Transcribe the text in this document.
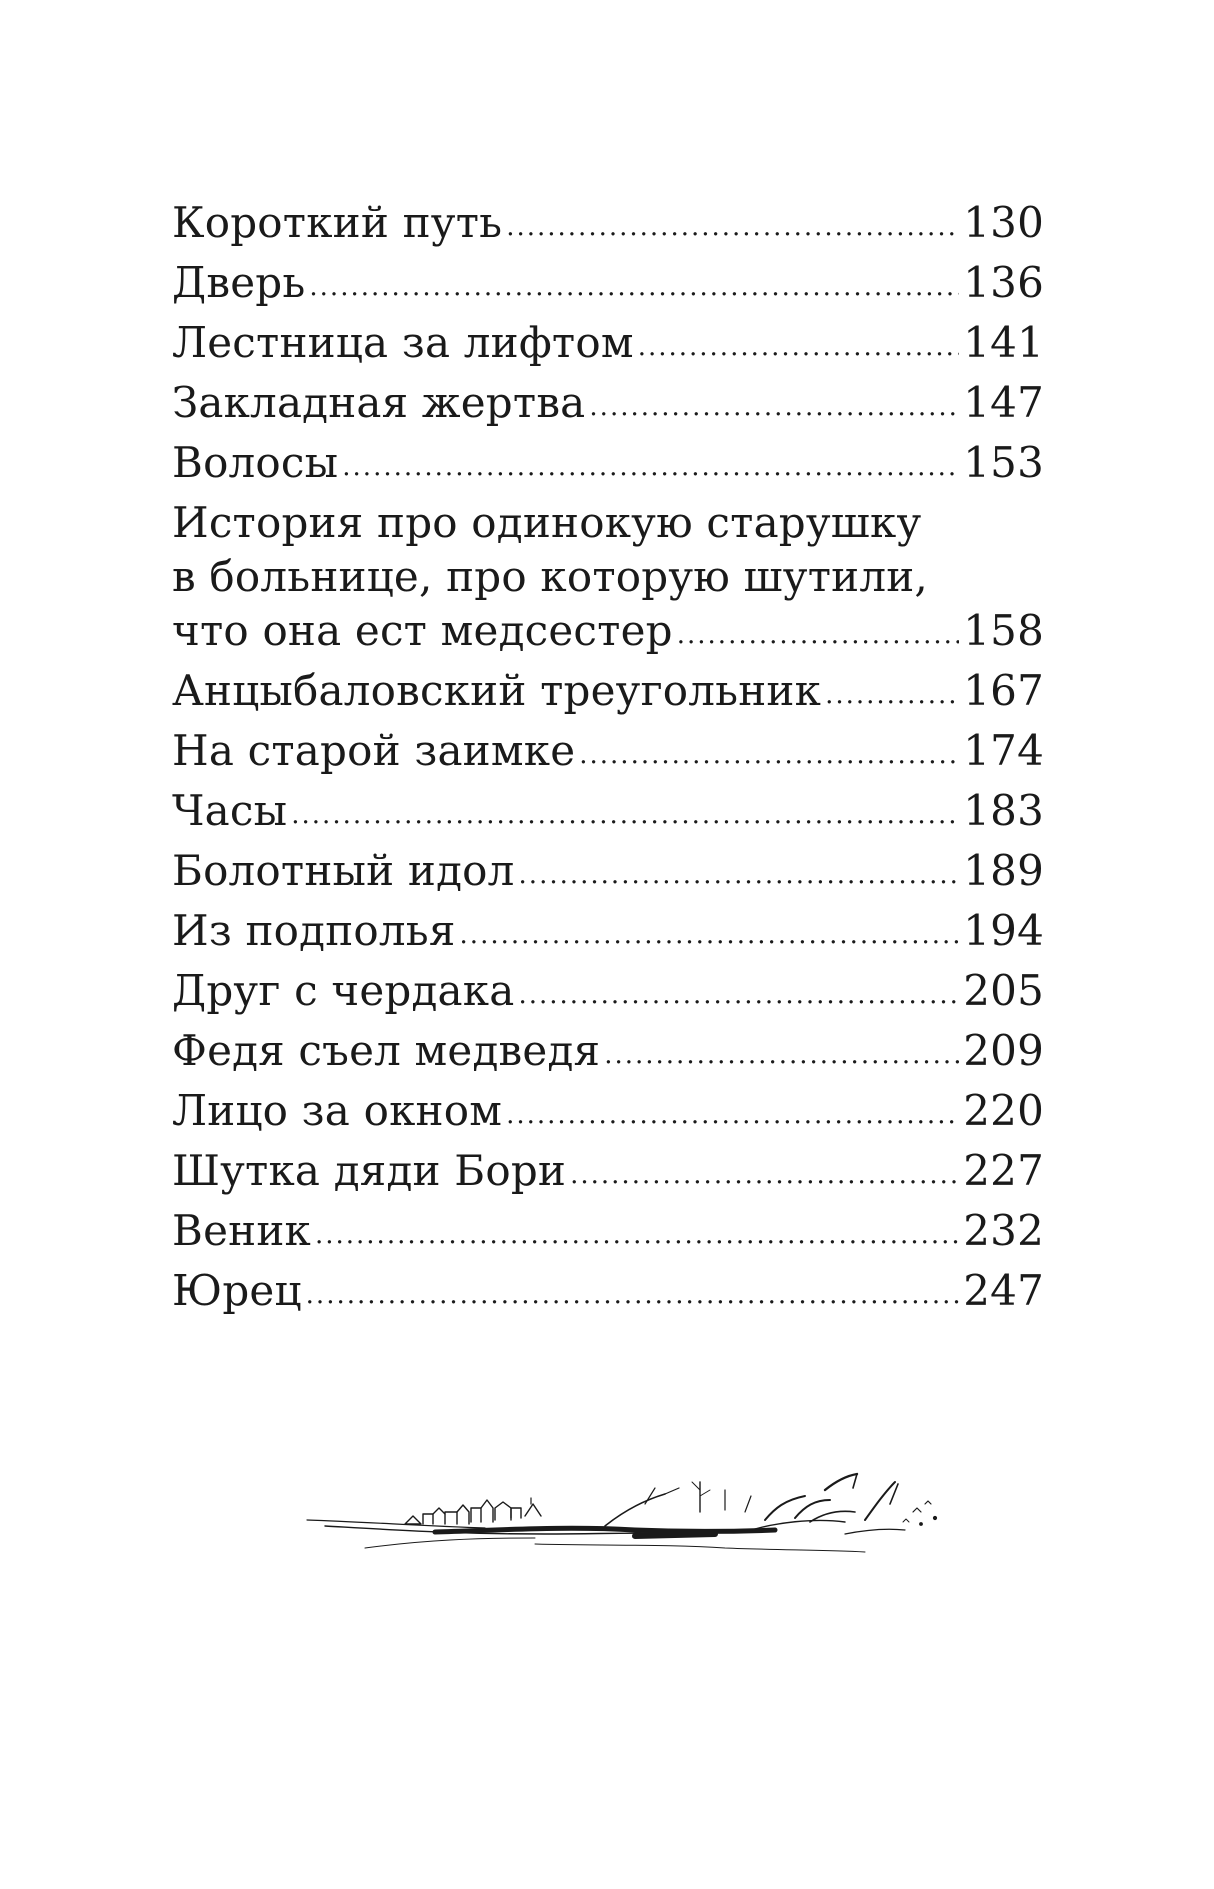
Короткий путь .....	130
Дверь .....	136
Лестница за лифтом .....	141
Закладная жертва .....	147
Волосы .....	153
История про одинокую старушку
в больнице, про которую шутили,
что она ест медсестер .....	158
Анцыбаловский треугольник .....	167
На старой заимке .....	174
Часы .....	183
Болотный идол .....	189
Из подполья .....	194
Друг с чердака .....	205
Федя съел медведя .....	209
Лицо за окном .....	220
Шутка дяди Бори .....	227
Веник .....	232
Юрец .....	247
